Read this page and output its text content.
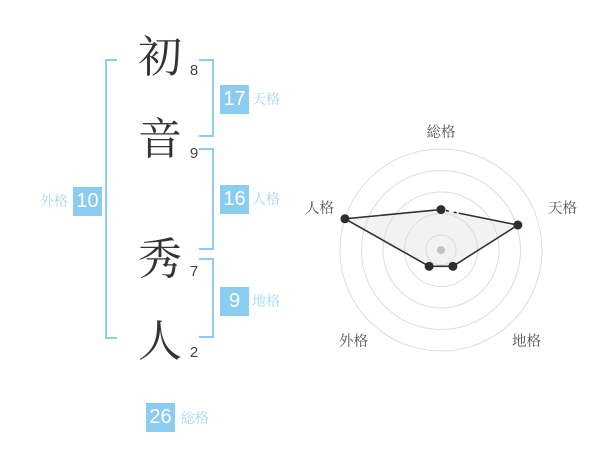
初
音
秀
人
8
9
7
2
17 天格
16 人格
9 地格
外格 10
26 総格
総格
天格
地格
外格
人格
